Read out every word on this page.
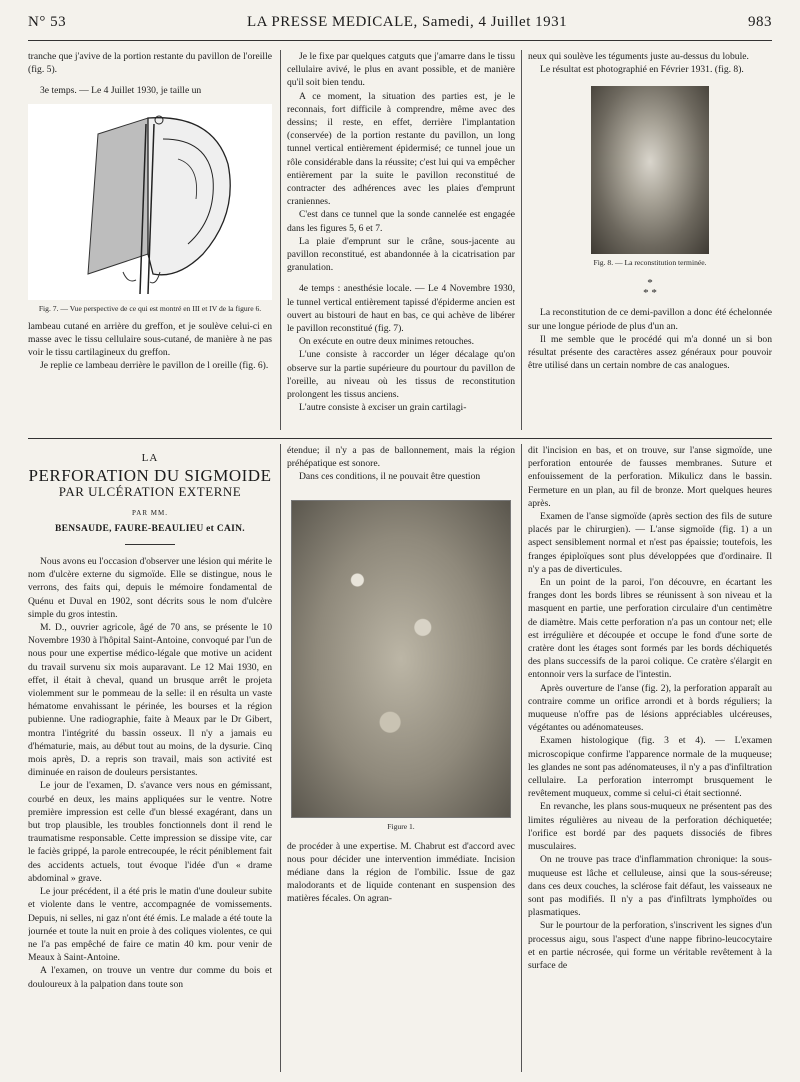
N° 53	LA PRESSE MEDICALE, Samedi, 4 Juillet 1931	983

tranche que j'avive de la portion restante du pavillon de l'oreille (fig. 5).

3e temps. — Le 4 Juillet 1930, je taille un

Fig. 7. — Vue perspective de ce qui est montré en III et IV de la figure 6.

lambeau cutané en arrière du greffon, et je soulève celui-ci en masse avec le tissu cellulaire sous-cutané, de manière à ne pas voir le tissu cartilagineux du greffon.

Je replie ce lambeau derrière le pavillon de l oreille (fig. 6).

Je le fixe par quelques catguts que j'amarre dans le tissu cellulaire avivé, le plus en avant possible, et de manière qu'il soit bien tendu.

A ce moment, la situation des parties est, je le reconnais, fort difficile à comprendre, même avec des dessins; il reste, en effet, derrière l'implantation (conservée) de la portion restante du pavillon, un long tunnel vertical entièrement épidermisé; ce tunnel joue un rôle considérable dans la réussite; c'est lui qui va empêcher entièrement par la suite le pavillon reconstitué de contracter des adhérences avec les plaies d'emprunt craniennes.

C'est dans ce tunnel que la sonde cannelée est engagée dans les figures 5, 6 et 7.

La plaie d'emprunt sur le crâne, sous-jacente au pavillon reconstitué, est abandonnée à la cicatrisation par granulation.

4e temps : anesthésie locale. — Le 4 Novembre 1930, le tunnel vertical entièrement tapissé d'épiderme ancien est ouvert au bistouri de haut en bas, ce qui achève de libérer le pavillon reconstitué (fig. 7).

On exécute en outre deux minimes retouches.

L'une consiste à raccorder un léger décalage qu'on observe sur la partie supérieure du pourtour du pavillon de l'oreille, au niveau où les tissus de reconstitution prolongent les tissus anciens.

L'autre consiste à exciser un grain cartilagi-

neux qui soulève les téguments juste au-dessus du lobule.

Le résultat est photographié en Février 1931. (fig. 8).

Fig. 8. — La reconstitution terminée.
*
* *

La reconstitution de ce demi-pavillon a donc été échelonnée sur une longue période de plus d'un an.

Il me semble que le procédé qui m'a donné un si bon résultat présente des caractères assez généraux pour pouvoir être utilisé dans un certain nombre de cas analogues.

LA
PERFORATION DU SIGMOIDE
PAR ULCÉRATION EXTERNE
PAR MM.
BENSAUDE, FAURE-BEAULIEU et CAIN.

Nous avons eu l'occasion d'observer une lésion qui mérite le nom d'ulcère externe du sigmoïde. Elle se distingue, nous le verrons, des faits qui, depuis le mémoire fondamental de Quénu et Duval en 1902, sont décrits sous le nom d'ulcère simple du gros intestin.

M. D., ouvrier agricole, âgé de 70 ans, se présente le 10 Novembre 1930 à l'hôpital Saint-Antoine, convoqué par l'un de nous pour une expertise médico-légale que motive un acident du travail survenu six mois auparavant. Le 12 Mai 1930, en effet, il était à cheval, quand un brusque arrêt le projeta violemment sur le pommeau de la selle: il en résulta un vaste hématome envahissant le périnée, les bourses et la région pubienne. Une radiographie, faite à Meaux par le Dr Gibert, montra l'intégrité du bassin osseux. Il n'y a jamais eu d'hématurie, mais, au début tout au moins, de la dysurie. Cinq mois après, D. a repris son travail, mais son activité est diminuée en raison de douleurs persistantes.

Le jour de l'examen, D. s'avance vers nous en gémissant, courbé en deux, les mains appliquées sur le ventre. Notre première impression est celle d'un blessé exagérant, dans un but trop plausible, les troubles fonctionnels dont il rend le traumatisme responsable. Cette impression se dissipe vite, car le faciès grippé, la parole entrecoupée, le récit péniblement fait des accidents actuels, tout évoque l'idée d'un « drame abdominal » grave.

Le jour précédent, il a été pris le matin d'une douleur subite et violente dans le ventre, accompagnée de vomissements. Depuis, ni selles, ni gaz n'ont été émis. Le malade a été toute la journée et toute la nuit en proie à des coliques violentes, ce qui ne l'a pas empêché de faire ce matin 40 km. pour venir de Meaux à Saint-Antoine.

A l'examen, on trouve un ventre dur comme du bois et douloureux à la palpation dans toute son

étendue; il n'y a pas de ballonnement, mais la région préhépatique est sonore.

Dans ces conditions, il ne pouvait être question

Figure 1.

de procéder à une expertise. M. Chabrut est d'accord avec nous pour décider une intervention immédiate. Incision médiane dans la région de l'ombilic. Issue de gaz malodorants et de liquide contenant en suspension des matières fécales. On agran-

dit l'incision en bas, et on trouve, sur l'anse sigmoïde, une perforation entourée de fausses membranes. Suture et enfouissement de la perforation. Mikulicz dans le bassin. Fermeture en un plan, au fil de bronze. Mort quelques heures après.

Examen de l'anse sigmoïde (après section des fils de suture placés par le chirurgien). — L'anse sigmoïde (fig. 1) a un aspect sensiblement normal et n'est pas épaissie; toutefois, les franges épiploïques sont plus développées que d'ordinaire. Il n'y a pas de diverticules.

En un point de la paroi, l'on découvre, en écartant les franges dont les bords libres se réunissent à son niveau et la masquent en partie, une perforation circulaire d'un centimètre de diamètre. Mais cette perforation n'a pas un contour net; elle est irrégulière et découpée et occupe le fond d'une sorte de cratère dont les étages sont formés par les bords déchiquetés des plans successifs de la paroi colique. Ce cratère s'élargit en entonnoir vers la surface de l'intestin.

Après ouverture de l'anse (fig. 2), la perforation apparaît au contraire comme un orifice arrondi et à bords réguliers; la muqueuse n'offre pas de lésions appréciables ulcéreuses, végétantes ou adénomateuses.

Examen histologique (fig. 3 et 4). — L'examen microscopique confirme l'apparence normale de la muqueuse; les glandes ne sont pas adénomateuses, il n'y a pas d'infiltration cellulaire. La perforation interrompt brusquement le revêtement muqueux, comme si celui-ci était sectionné.

En revanche, les plans sous-muqueux ne présentent pas des limites régulières au niveau de la perforation déchiquetée; l'orifice est bordé par des paquets dissociés de fibres musculaires.

On ne trouve pas trace d'inflammation chronique: la sous-muqueuse est lâche et celluleuse, ainsi que la sous-séreuse; dans ces deux couches, la sclérose fait défaut, les vaisseaux ne sont pas modifiés. Il n'y a pas d'infiltrats lymphoïdes ou plasmatiques.

Sur le pourtour de la perforation, s'inscrivent les signes d'un processus aigu, sous l'aspect d'une nappe fibrino-leucocytaire et en partie nécrosée, qui forme un véritable revêtement à la surface de
